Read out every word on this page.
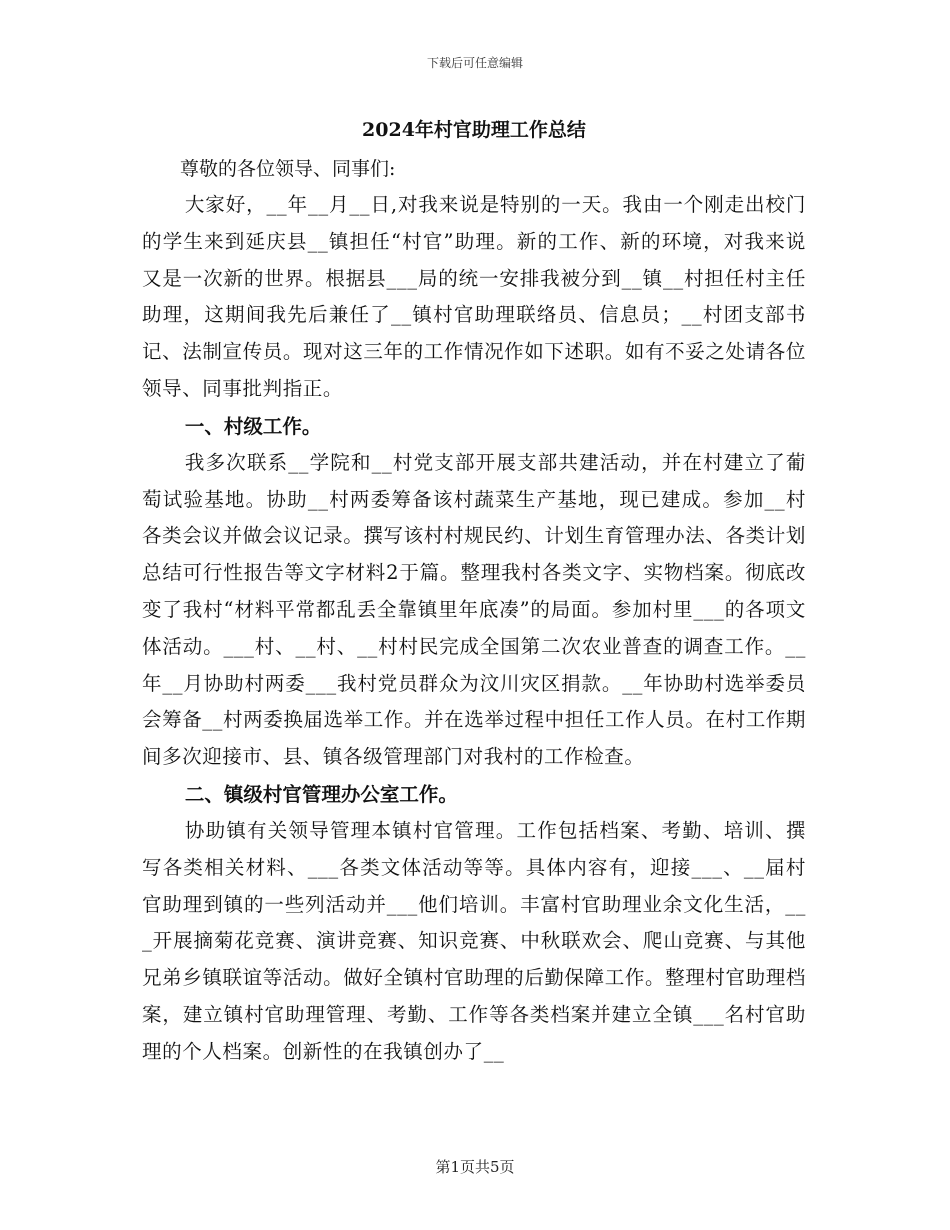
下载后可任意编辑
2024年村官助理工作总结

尊敬的各位领导、同事们:

大家好，__年__月__日,对我来说是特别的一天。我由一个刚走出校门的学生来到延庆县__镇担任“村官”助理。新的工作、新的环境，对我来说又是一次新的世界。根据县___局的统一安排我被分到__镇__村担任村主任助理，这期间我先后兼任了__镇村官助理联络员、信息员；__村团支部书记、法制宣传员。现对这三年的工作情况作如下述职。如有不妥之处请各位领导、同事批判指正。

一、村级工作。

我多次联系__学院和__村党支部开展支部共建活动，并在村建立了葡萄试验基地。协助__村两委筹备该村蔬菜生产基地，现已建成。参加__村各类会议并做会议记录。撰写该村村规民约、计划生育管理办法、各类计划总结可行性报告等文字材料2于篇。整理我村各类文字、实物档案。彻底改变了我村“材料平常都乱丢全靠镇里年底凑”的局面。参加村里___的各项文体活动。___村、__村、__村村民完成全国第二次农业普查的调查工作。__年__月协助村两委___我村党员群众为汶川灾区捐款。__年协助村选举委员会筹备__村两委换届选举工作。并在选举过程中担任工作人员。在村工作期间多次迎接市、县、镇各级管理部门对我村的工作检查。

二、镇级村官管理办公室工作。

协助镇有关领导管理本镇村官管理。工作包括档案、考勤、培训、撰写各类相关材料、___各类文体活动等等。具体内容有，迎接___、__届村官助理到镇的一些列活动并___他们培训。丰富村官助理业余文化生活，___开展摘菊花竞赛、演讲竞赛、知识竞赛、中秋联欢会、爬山竞赛、与其他兄弟乡镇联谊等活动。做好全镇村官助理的后勤保障工作。整理村官助理档案，建立镇村官助理管理、考勤、工作等各类档案并建立全镇___名村官助理的个人档案。创新性的在我镇创办了__

第1页共5页
